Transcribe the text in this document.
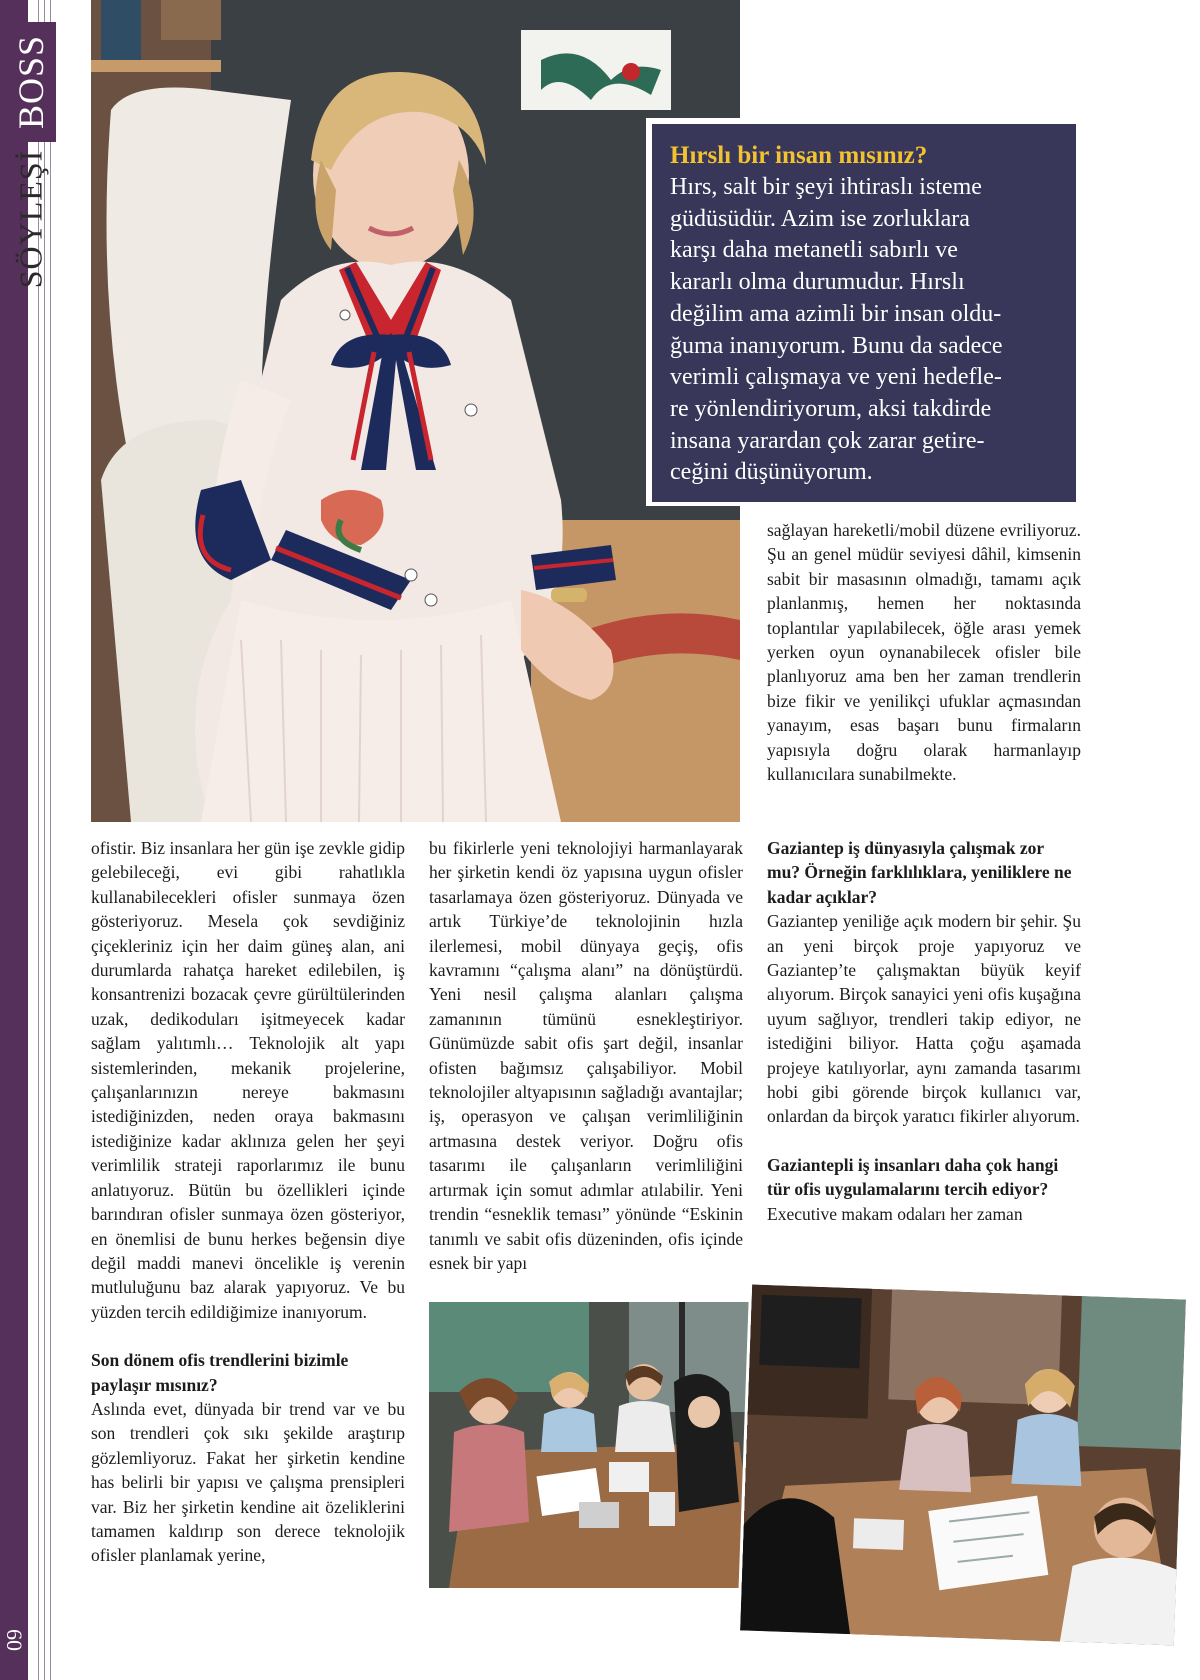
BOSS
SÖYLEŞİ
60
Hırslı bir insan mısınız?
Hırs, salt bir şeyi ihtiraslı isteme
güdüsüdür. Azim ise zorluklara
karşı daha metanetli sabırlı ve
kararlı olma durumudur. Hırslı
değilim ama azimli bir insan oldu-
ğuma inanıyorum. Bunu da sadece
verimli çalışmaya ve yeni hedefle-
re yönlendiriyorum, aksi takdirde
insana yarardan çok zarar getire-
ceğini düşünüyorum.

sağlayan hareketli/mobil düzene evriliyoruz. Şu an genel müdür seviyesi dâhil, kimsenin sabit bir masasının olmadığı, tamamı açık planlanmış, hemen her noktasında toplantılar yapılabilecek, öğle arası yemek yerken oyun oynanabilecek ofisler bile planlıyoruz ama ben her zaman trendlerin bize fikir ve yenilikçi ufuklar açmasından yanayım, esas başarı bunu firmaların yapısıyla doğru olarak harmanlayıp kullanıcılara sunabilmekte.

ofistir. Biz insanlara her gün işe zevkle gidip gelebileceği, evi gibi rahatlıkla kullanabilecekleri ofisler sunmaya özen gösteriyoruz. Mesela çok sevdiğiniz çiçekleriniz için her daim güneş alan, ani durumlarda rahatça hareket edilebilen, iş konsantrenizi bozacak çevre gürültülerinden uzak, dedikoduları işitmeyecek kadar sağlam yalıtımlı… Teknolojik alt yapı sistemlerinden, mekanik projelerine, çalışanlarınızın nereye bakmasını istediğinizden, neden oraya bakmasını istediğinize kadar aklınıza gelen her şeyi verimlilik strateji raporlarımız ile bunu anlatıyoruz. Bütün bu özellikleri içinde barındıran ofisler sunmaya özen gösteriyor, en önemlisi de bunu herkes beğensin diye değil maddi manevi öncelikle iş verenin mutluluğunu baz alarak yapıyoruz. Ve bu yüzden tercih edildiğimize inanıyorum.

Son dönem ofis trendlerini bizimle paylaşır mısınız?

Aslında evet, dünyada bir trend var ve bu son trendleri çok sıkı şekilde araştırıp gözlemliyoruz. Fakat her şirketin kendine has belirli bir yapısı ve çalışma prensipleri var. Biz her şirketin kendine ait özeliklerini tamamen kaldırıp son derece teknolojik ofisler planlamak yerine,

bu fikirlerle yeni teknolojiyi harmanlayarak her şirketin kendi öz yapısına uygun ofisler tasarlamaya özen gösteriyoruz. Dünyada ve artık Türkiye’de teknolojinin hızla ilerlemesi, mobil dünyaya geçiş, ofis kavramını “çalışma alanı” na dönüştürdü. Yeni nesil çalışma alanları çalışma zamanının tümünü esnekleştiriyor. Günümüzde sabit ofis şart değil, insanlar ofisten bağımsız çalışabiliyor. Mobil teknolojiler altyapısının sağladığı avantajlar; iş, operasyon ve çalışan verimliliğinin artmasına destek veriyor. Doğru ofis tasarımı ile çalışanların verimliliğini artırmak için somut adımlar atılabilir. Yeni trendin “esneklik teması” yönünde “Eskinin tanımlı ve sabit ofis düzeninden, ofis içinde esnek bir yapı

Gaziantep iş dünyasıyla çalışmak zor mu? Örneğin farklılıklara, yeniliklere ne kadar açıklar?

Gaziantep yeniliğe açık modern bir şehir. Şu an yeni birçok proje yapıyoruz ve Gaziantep’te çalışmaktan büyük keyif alıyorum. Birçok sanayici yeni ofis kuşağına uyum sağlıyor, trendleri takip ediyor, ne istediğini biliyor. Hatta çoğu aşamada projeye katılıyorlar, aynı zamanda tasarımı hobi gibi görende birçok kullanıcı var, onlardan da birçok yaratıcı fikirler alıyorum.

Gaziantepli iş insanları daha çok hangi tür ofis uygulamalarını tercih ediyor?

Executive makam odaları her zaman
